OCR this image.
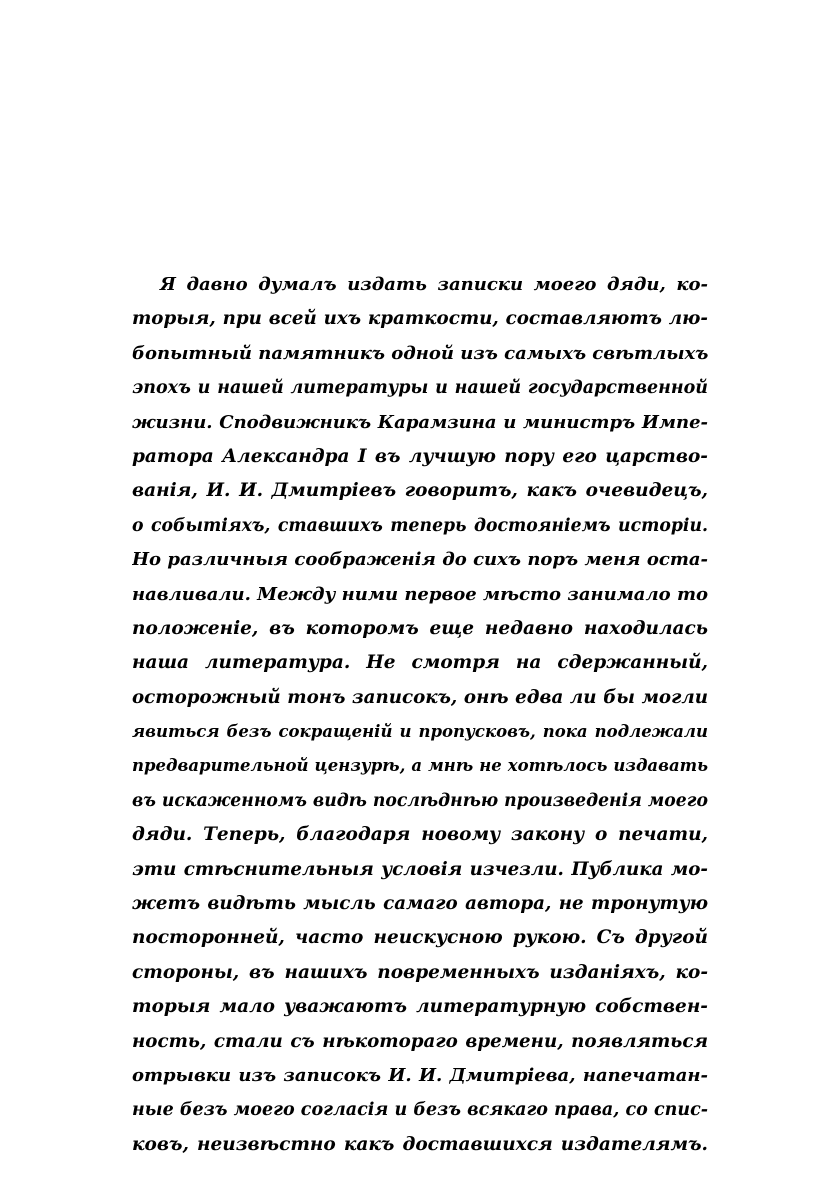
Я давно думалъ издать записки моего дяди, ко-
торыя, при всей ихъ краткости, составляютъ лю-
бопытный памятникъ одной изъ самыхъ свѣтлыхъ
эпохъ и нашей литературы и нашей государственной
жизни. Сподвижникъ Карамзина и министръ Импе-
ратора Александра I въ лучшую пору его царство-
ванія, И. И. Дмитріевъ говоритъ, какъ очевидецъ,
о событіяхъ, ставшихъ теперь достояніемъ исторіи.
Но различныя соображенія до сихъ поръ меня оста-
навливали. Между ними первое мѣсто занимало то
положеніе, въ которомъ еще недавно находилась
наша литература. Не смотря на сдержанный,
осторожный тонъ записокъ, онѣ едва ли бы могли
явиться безъ сокращеній и пропусковъ, пока подлежали
предварительной цензурѣ, а мнѣ не хотѣлось издавать
въ искаженномъ видѣ послѣднѣю произведенія моего
дяди. Теперь, благодаря новому закону о печати,
эти стѣснительныя условія изчезли. Публика мо-
жетъ видѣть мысль самаго автора, не тронутую
посторонней, часто неискусною рукою. Съ другой
стороны, въ нашихъ повременныхъ изданіяхъ, ко-
торыя мало уважаютъ литературную собствен-
ность, стали съ нѣкотораго времени, появляться
отрывки изъ записокъ И. И. Дмитріева, напечатан-
ные безъ моего согласія и безъ всякаго права, со спис-
ковъ, неизвѣстно какъ доставшихся издателямъ.
